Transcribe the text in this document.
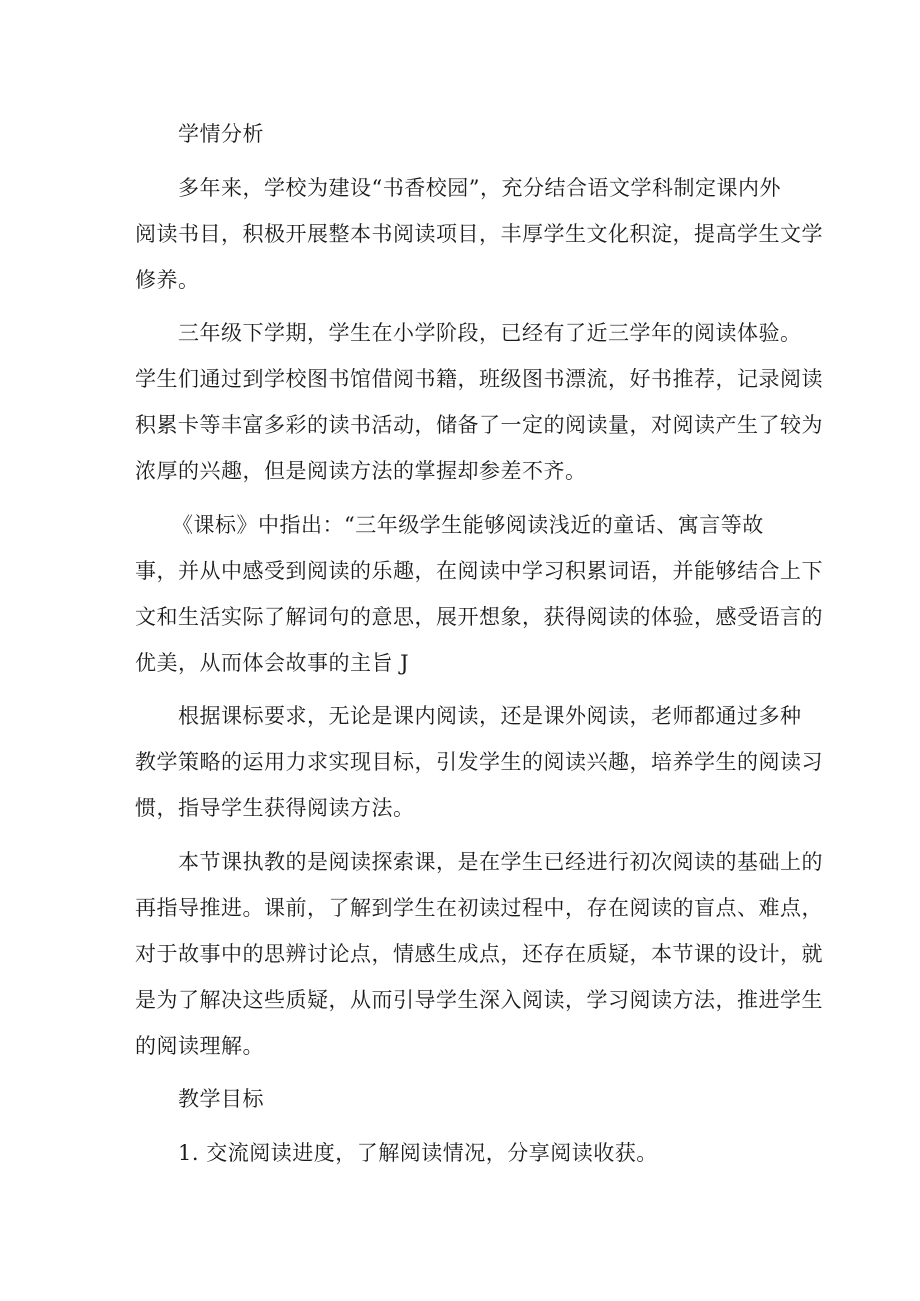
学情分析
多年来，学校为建设“书香校园”，充分结合语文学科制定课内外
阅读书目，积极开展整本书阅读项目，丰厚学生文化积淀，提高学生文学
修养。
三年级下学期，学生在小学阶段，已经有了近三学年的阅读体验。
学生们通过到学校图书馆借阅书籍，班级图书漂流，好书推荐，记录阅读
积累卡等丰富多彩的读书活动，储备了一定的阅读量，对阅读产生了较为
浓厚的兴趣，但是阅读方法的掌握却参差不齐。
《课标》中指出：“三年级学生能够阅读浅近的童话、寓言等故
事，并从中感受到阅读的乐趣，在阅读中学习积累词语，并能够结合上下
文和生活实际了解词句的意思，展开想象，获得阅读的体验，感受语言的
优美，从而体会故事的主旨 J
根据课标要求，无论是课内阅读，还是课外阅读，老师都通过多种
教学策略的运用力求实现目标，引发学生的阅读兴趣，培养学生的阅读习
惯，指导学生获得阅读方法。
本节课执教的是阅读探索课，是在学生已经进行初次阅读的基础上的
再指导推进。课前，了解到学生在初读过程中，存在阅读的盲点、难点，
对于故事中的思辨讨论点，情感生成点，还存在质疑，本节课的设计，就
是为了解决这些质疑，从而引导学生深入阅读，学习阅读方法，推进学生
的阅读理解。
教学目标
1. 交流阅读进度，了解阅读情况，分享阅读收获。
